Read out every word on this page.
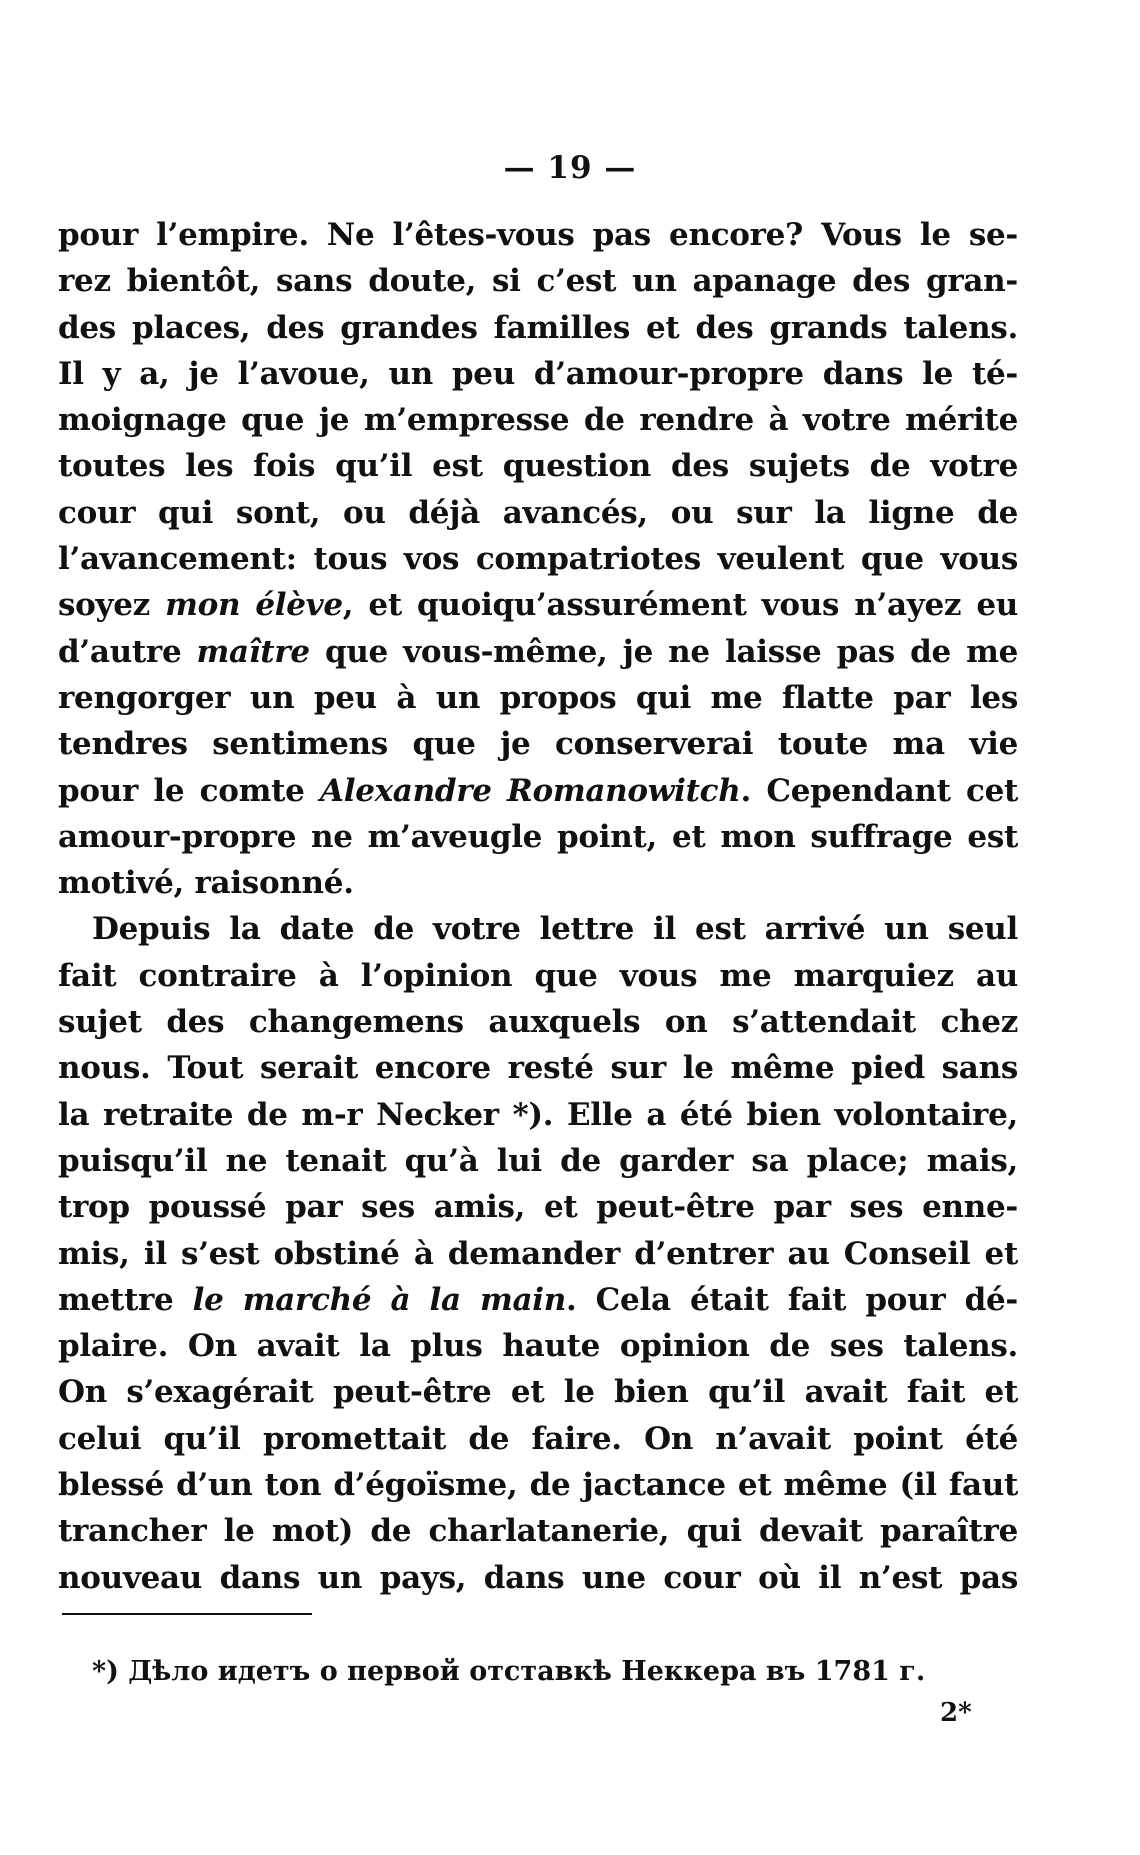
— 19 —
pour l’empire. Ne l’êtes-vous pas encore? Vous le se-
rez bientôt, sans doute, si c’est un apanage des gran-
des places, des grandes familles et des grands talens.
Il y a, je l’avoue, un peu d’amour-propre dans le té-
moignage que je m’empresse de rendre à votre mérite
toutes les fois qu’il est question des sujets de votre
cour qui sont, ou déjà avancés, ou sur la ligne de
l’avancement: tous vos compatriotes veulent que vous
soyez mon élève, et quoiqu’assurément vous n’ayez eu
d’autre maître que vous-même, je ne laisse pas de me
rengorger un peu à un propos qui me flatte par les
tendres sentimens que je conserverai toute ma vie
pour le comte Alexandre Romanowitch. Cependant cet
amour-propre ne m’aveugle point, et mon suffrage est
motivé, raisonné.
Depuis la date de votre lettre il est arrivé un seul
fait contraire à l’opinion que vous me marquiez au
sujet des changemens auxquels on s’attendait chez
nous. Tout serait encore resté sur le même pied sans
la retraite de m-r Necker *). Elle a été bien volontaire,
puisqu’il ne tenait qu’à lui de garder sa place; mais,
trop poussé par ses amis, et peut-être par ses enne-
mis, il s’est obstiné à demander d’entrer au Conseil et
mettre le marché à la main. Cela était fait pour dé-
plaire. On avait la plus haute opinion de ses talens.
On s’exagérait peut-être et le bien qu’il avait fait et
celui qu’il promettait de faire. On n’avait point été
blessé d’un ton d’égoïsme, de jactance et même (il faut
trancher le mot) de charlatanerie, qui devait paraître
nouveau dans un pays, dans une cour où il n’est pas
*) Дѣло идетъ о первой отставкѣ Неккера въ 1781 г.
2*
